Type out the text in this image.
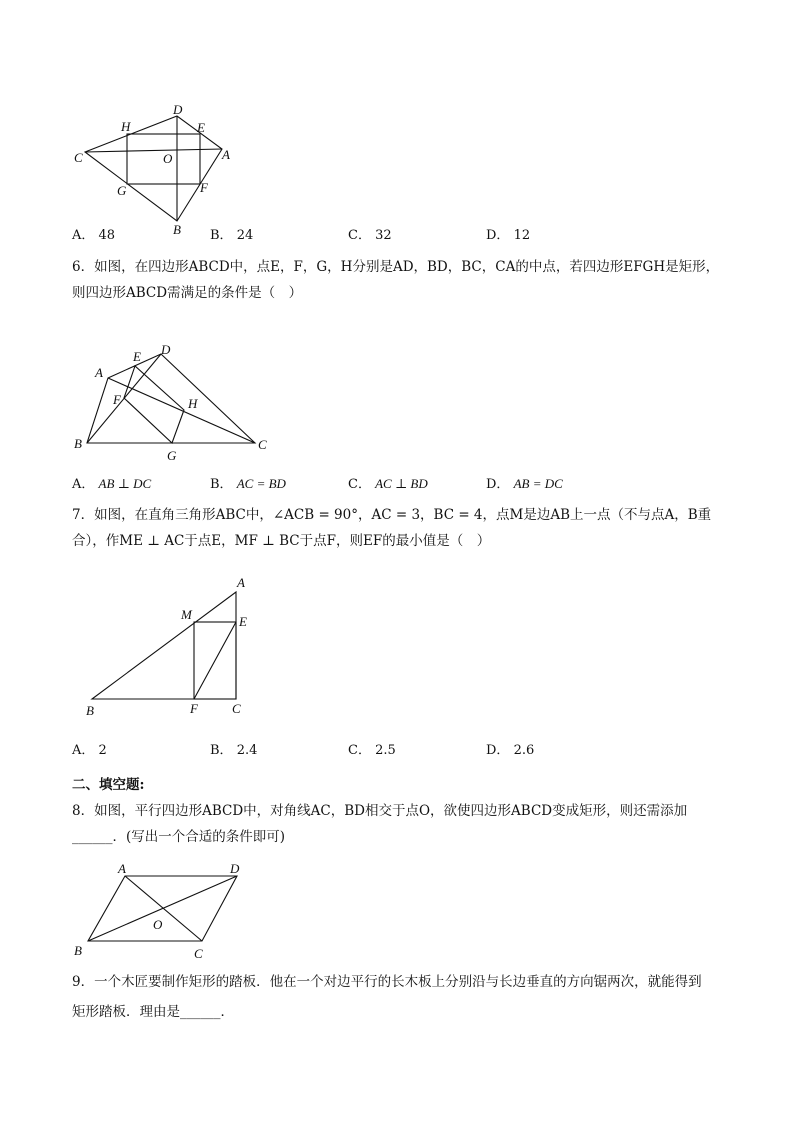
D
H	E
C	O	A
G	F
B
A． 48	B． 24	C． 32	D． 12
6．如图，在四边形ABCD中，点E，F，G，H分别是AD，BD，BC，CA的中点，若四边形EFGH是矩形，
则四边形ABCD需满足的条件是（　）
A
E D
F	H
B
G
C
A． AB ⊥ DC	B． AC = BD	C． AC ⊥ BD	D． AB = DC
7．如图，在直角三角形ABC中，∠ACB = 90°，AC = 3，BC = 4，点M是边AB上一点（不与点A，B重
合），作ME ⊥ AC于点E，MF ⊥ BC于点F，则EF的最小值是（　）
A
M	E
B	F	C
A． 2	B． 2.4	C． 2.5	D． 2.6
二、填空题:
8．如图，平行四边形ABCD中，对角线AC，BD相交于点O，欲使四边形ABCD变成矩形，则还需添加
______．(写出一个合适的条件即可)
A	D
O
B	C
9．一个木匠要制作矩形的踏板．他在一个对边平行的长木板上分别沿与长边垂直的方向锯两次，就能得到
矩形踏板．理由是______．
